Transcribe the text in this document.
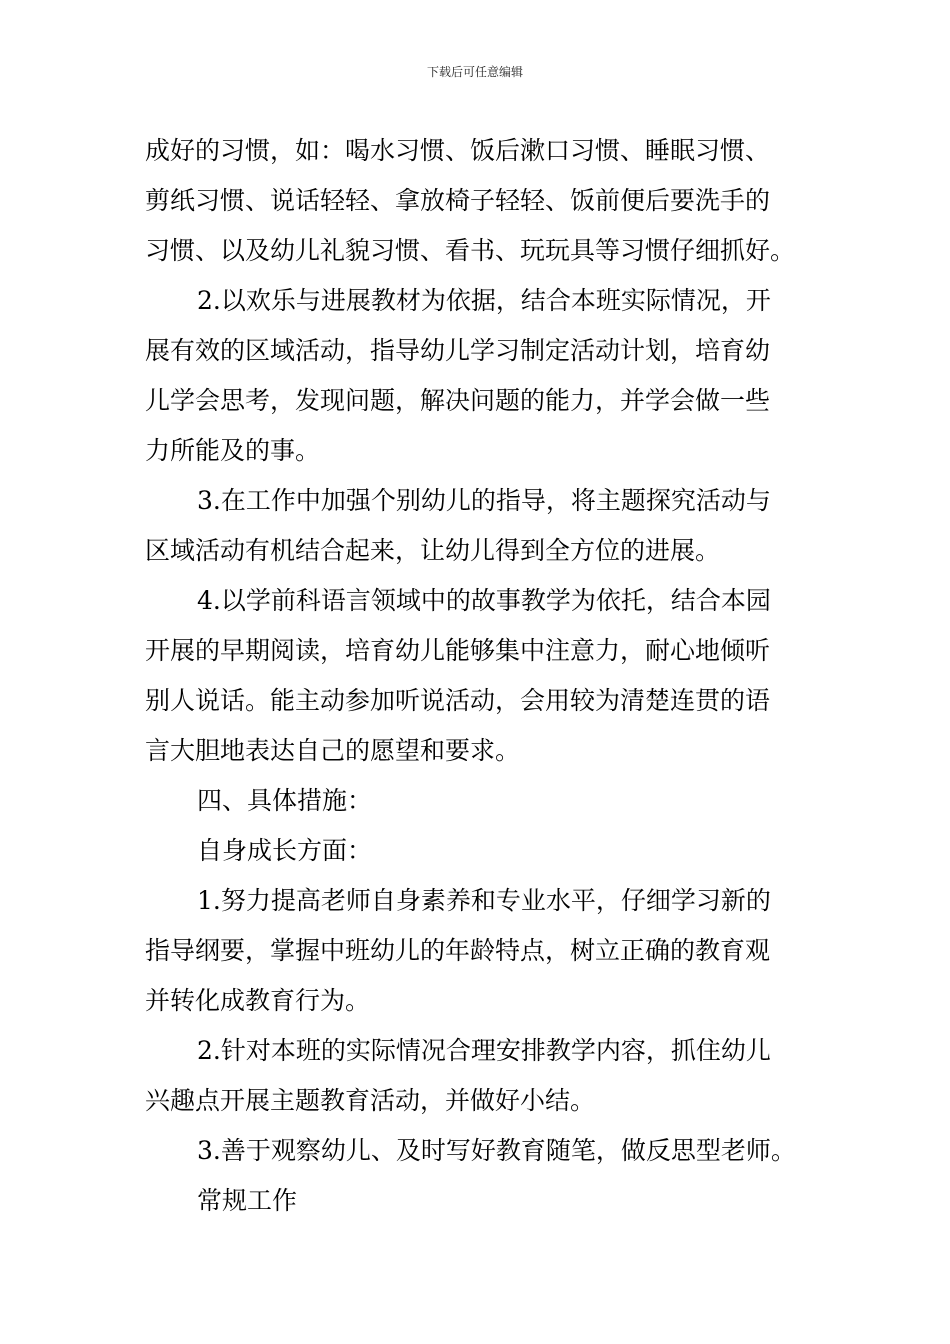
下载后可任意编辑
成好的习惯，如：喝水习惯、饭后漱口习惯、睡眠习惯、
剪纸习惯、说话轻轻、拿放椅子轻轻、饭前便后要洗手的
习惯、以及幼儿礼貌习惯、看书、玩玩具等习惯仔细抓好。
2.以欢乐与进展教材为依据，结合本班实际情况，开
展有效的区域活动，指导幼儿学习制定活动计划，培育幼
儿学会思考，发现问题，解决问题的能力，并学会做一些
力所能及的事。
3.在工作中加强个别幼儿的指导，将主题探究活动与
区域活动有机结合起来，让幼儿得到全方位的进展。
4.以学前科语言领域中的故事教学为依托，结合本园
开展的早期阅读，培育幼儿能够集中注意力，耐心地倾听
别人说话。能主动参加听说活动，会用较为清楚连贯的语
言大胆地表达自己的愿望和要求。
四、具体措施：
自身成长方面：
1.努力提高老师自身素养和专业水平，仔细学习新的
指导纲要，掌握中班幼儿的年龄特点，树立正确的教育观
并转化成教育行为。
2.针对本班的实际情况合理安排教学内容，抓住幼儿
兴趣点开展主题教育活动，并做好小结。
3.善于观察幼儿、及时写好教育随笔，做反思型老师。
常规工作
